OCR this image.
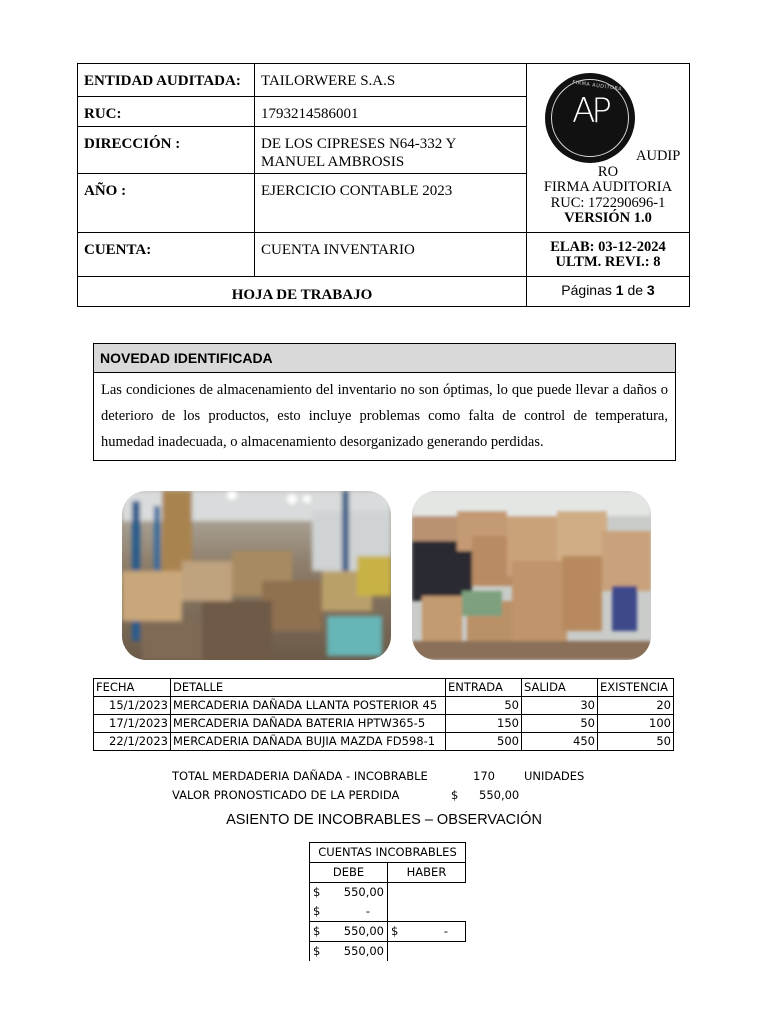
ENTIDAD AUDITADA:	TAILORWERE S.A.S
RUC:	1793214586001
DIRECCIÓN :	DE LOS CIPRESES N64-332 Y MANUEL AMBROSIS
AÑO :	EJERCICIO CONTABLE 2023
CUENTA:	CUENTA INVENTARIO
HOJA DE TRABAJO
FIRMA AUDITORA
AP
AUDIP
RO
FIRMA AUDITORIA
RUC: 172290696-1
VERSIÓN 1.0
ELAB: 03-12-2024
ULTM. REVI.: 8
Páginas 1 de 3
NOVEDAD IDENTIFICADA
Las condiciones de almacenamiento del inventario no son óptimas, lo que puede llevar a daños o deterioro de los productos, esto incluye problemas como falta de control de temperatura, humedad inadecuada, o almacenamiento desorganizado generando perdidas.
FECHA	DETALLE	ENTRADA	SALIDA	EXISTENCIA
15/1/2023	MERCADERIA DAÑADA LLANTA POSTERIOR 45	50	30	20
17/1/2023	MERCADERIA DAÑADA BATERIA HPTW365-5	150	50	100
22/1/2023	MERCADERIA DAÑADA BUJIA MAZDA FD598-1	500	450	50
TOTAL MERDADERIA DAÑADA - INCOBRABLE	170	UNIDADES
VALOR PRONOSTICADO DE LA PERDIDA	$ 550,00
ASIENTO DE INCOBRABLES – OBSERVACIÓN
CUENTAS INCOBRABLES	
DEBE	HABER
$ 550,00	

$ -	

$ 550,00	$ -

$ 550,00	
